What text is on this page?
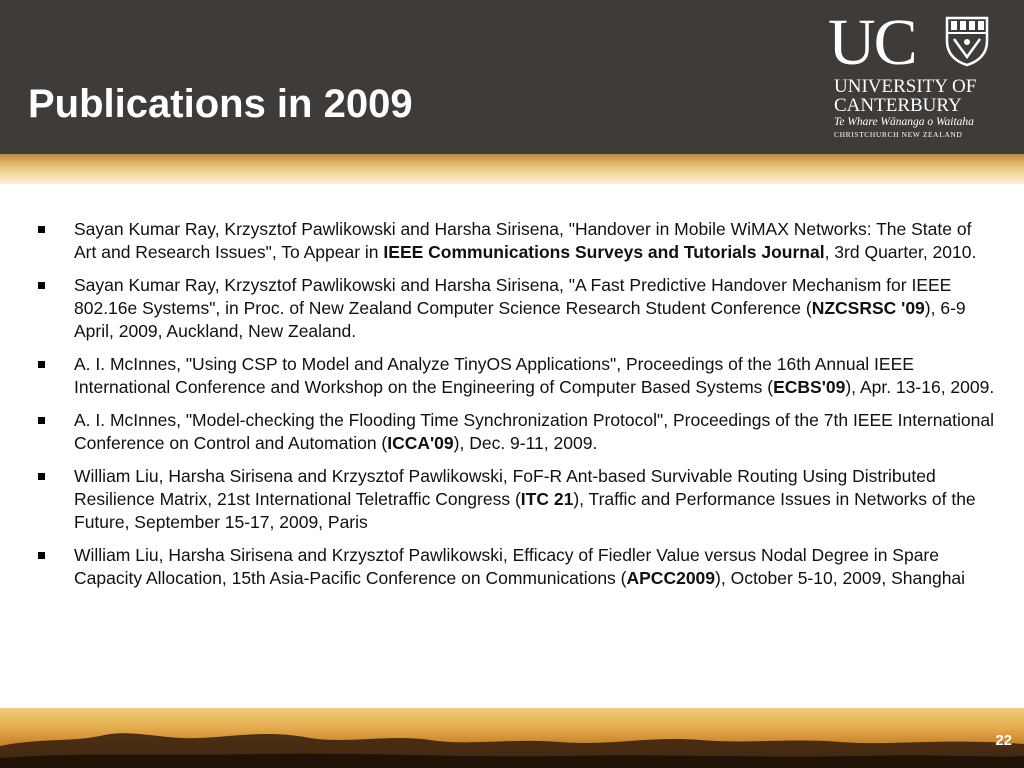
Publications in 2009
UC
UNIVERSITY OF
CANTERBURY
Te Whare Wānanga o Waitaha
CHRISTCHURCH NEW ZEALAND
Sayan Kumar Ray, Krzysztof Pawlikowski and Harsha Sirisena, "Handover in Mobile WiMAX Networks: The State of Art and Research Issues", To Appear in IEEE Communications Surveys and Tutorials Journal, 3rd Quarter, 2010.
Sayan Kumar Ray, Krzysztof Pawlikowski and Harsha Sirisena, "A Fast Predictive Handover Mechanism for IEEE 802.16e Systems", in Proc. of New Zealand Computer Science Research Student Conference (NZCSRSC '09), 6-9 April, 2009, Auckland, New Zealand.
A. I. McInnes, "Using CSP to Model and Analyze TinyOS Applications", Proceedings of the 16th Annual IEEE International Conference and Workshop on the Engineering of Computer Based Systems (ECBS'09), Apr. 13-16, 2009.
A. I. McInnes, "Model-checking the Flooding Time Synchronization Protocol", Proceedings of the 7th IEEE International Conference on Control and Automation (ICCA'09), Dec. 9-11, 2009.
William Liu, Harsha Sirisena and Krzysztof Pawlikowski, FoF-R Ant-based Survivable Routing Using Distributed Resilience Matrix, 21st International Teletraffic Congress (ITC 21), Traffic and Performance Issues in Networks of the Future, September 15-17, 2009, Paris
William Liu, Harsha Sirisena and Krzysztof Pawlikowski, Efficacy of Fiedler Value versus Nodal Degree in Spare Capacity Allocation, 15th Asia-Pacific Conference on Communications (APCC2009), October 5-10, 2009, Shanghai
22
